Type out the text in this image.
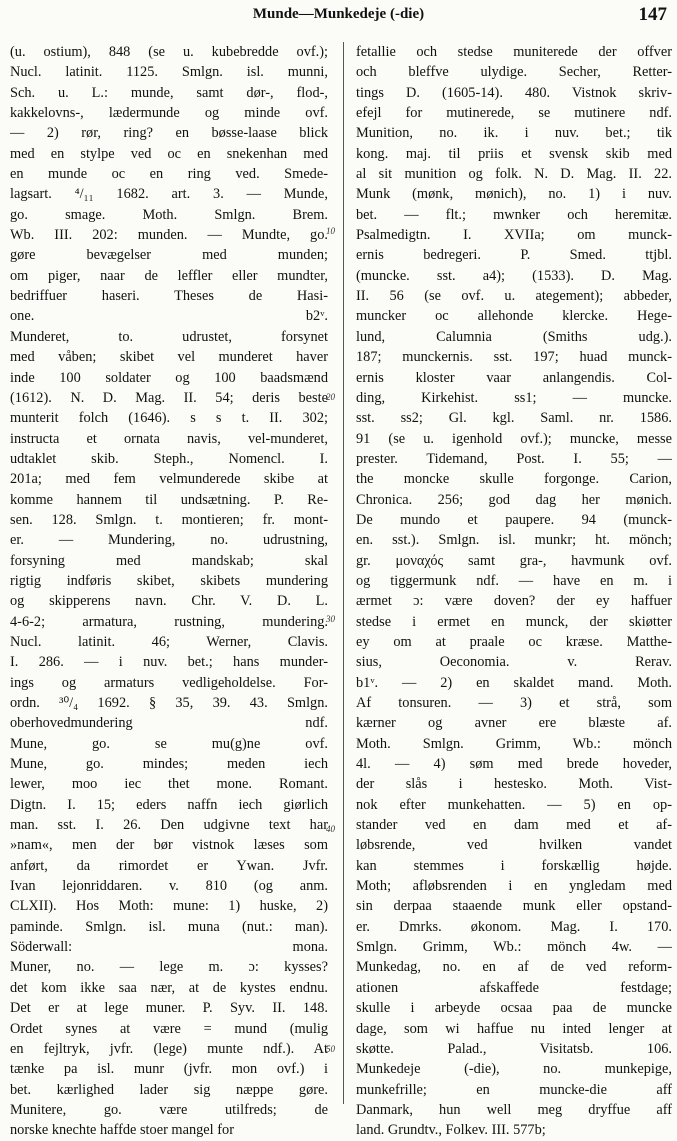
Munde—Munkedeje (-die)	147
(u. ostium), 848 (se u. kubebredde ovf.);
Nucl. latinit. 1125. Smlgn. isl. munni,
Sch. u. L.: munde, samt dør-, flod-,
kakkelovns-, lædermunde og minde ovf.
— 2) rør, ring? en bøsse-laase blick
med en stylpe ved oc en snekenhan med
en munde oc en ring ved. Smede-
lagsart. ⁴/₁₁ 1682. art. 3. — Munde,
go. smage. Moth. Smlgn. Brem.
Wb. III. 202: munden. — Mundte, go.
gøre bevægelser med munden;
om piger, naar de leffler eller mundter,
bedriffuer haseri. Theses de Hasi-
one. b2ᵛ.
Munderet, to. udrustet, forsynet
med våben; skibet vel munderet haver
inde 100 soldater og 100 baadsmænd
(1612). N. D. Mag. II. 54; deris beste
munterit folch (1646). s s t. II. 302;
instructa et ornata navis, vel-munderet,
udtaklet skib. Steph., Nomencl. I.
201a; med fem velmunderede skibe at
komme hannem til undsætning. P. Re-
sen. 128. Smlgn. t. montieren; fr. mont-
er. — Mundering, no. udrustning,
forsyning med mandskab; skal
rigtig indføris skibet, skibets mundering
og skipperens navn. Chr. V. D. L.
4-6-2; armatura, rustning, mundering.
Nucl. latinit. 46; Werner, Clavis.
I. 286. — i nuv. bet.; hans munder-
ings og armaturs vedligeholdelse. For-
ordn. ³⁰/₄ 1692. § 35, 39. 43. Smlgn.
oberhovedmundering ndf.
Mune, go. se mu(g)ne ovf.
Mune, go. mindes; meden iech
lewer, moo iec thet mone. Romant.
Digtn. I. 15; eders naffn iech giørlich
man. sst. I. 26. Den udgivne text har
»nam«, men der bør vistnok læses som
anført, da rimordet er Ywan. Jvfr.
Ivan lejonriddaren. v. 810 (og anm.
CLXII). Hos Moth: mune: 1) huske, 2)
paminde. Smlgn. isl. muna (nut.: man).
Söderwall: mona.
Muner, no. — lege m. ɔ: kysses?
det kom ikke saa nær, at de kystes endnu.
Det er at lege muner. P. Syv. II. 148.
Ordet synes at være = mund (mulig
en fejltryk, jvfr. (lege) munte ndf.). At
tænke pa isl. munr (jvfr. mon ovf.) i
bet. kærlighed lader sig næppe gøre.
Munitere, go. være utilfreds; de
norske knechte haffde stoer mangel for
fetallie och stedse muniterede der offver
och bleffve ulydige. Secher, Retter-
tings D. (1605-14). 480. Vistnok skriv-
efejl for mutinerede, se mutinere ndf.
Munition, no. ik. i nuv. bet.; tik
kong. maj. til priis et svensk skib med
al sit munition og folk. N. D. Mag. II. 22.
Munk (mønk, mønich), no. 1) i nuv.
bet. — flt.; mwnker och heremitæ.
Psalmedigtn. I. XVIIa; om munck-
ernis bedregeri. P. Smed. ttjbl.
(muncke. sst. a4); (1533). D. Mag.
II. 56 (se ovf. u. ategement); abbeder,
muncker oc allehonde klercke. Hege-
lund, Calumnia (Smiths udg.).
187; munckernis. sst. 197; huad munck-
ernis kloster vaar anlangendis. Col-
ding, Kirkehist. ss1; — muncke.
sst. ss2; Gl. kgl. Saml. nr. 1586.
91 (se u. igenhold ovf.); muncke, messe
prester. Tidemand, Post. I. 55; —
the moncke skulle forgonge. Carion,
Chronica. 256; god dag her mønich.
De mundo et paupere. 94 (munck-
en. sst.). Smlgn. isl. munkr; ht. mönch;
gr. μοναχός samt gra-, havmunk ovf.
og tiggermunk ndf. — have en m. i
ærmet ɔ: være doven? der ey haffuer
stedse i ermet en munck, der skiøtter
ey om at praale oc kræse. Matthe-
sius, Oeconomia. v. Rerav.
b1ᵛ. — 2) en skaldet mand. Moth.
Af tonsuren. — 3) et strå, som
kærner og avner ere blæste af.
Moth. Smlgn. Grimm, Wb.: mönch
4l. — 4) søm med brede hoveder,
der slås i hestesko. Moth. Vist-
nok efter munkehatten. — 5) en op-
stander ved en dam med et af-
løbsrende, ved hvilken vandet
kan stemmes i forskællig højde.
Moth; afløbsrenden i en yngledam med
sin derpaa staaende munk eller opstand-
er. Dmrks. økonom. Mag. I. 170.
Smlgn. Grimm, Wb.: mönch 4w. —
Munkedag, no. en af de ved reform-
ationen afskaffede festdage;
skulle i arbeyde ocsaa paa de muncke
dage, som wi haffue nu inted lenger at
skøtte. Palad., Visitatsb. 106.
Munkedeje (-die), no. munkepige,
munkefrille; en muncke-die aff
Danmark, hun well meg dryffue aff
land. Grundtv., Folkev. III. 577b;
10
20
30
40
50
